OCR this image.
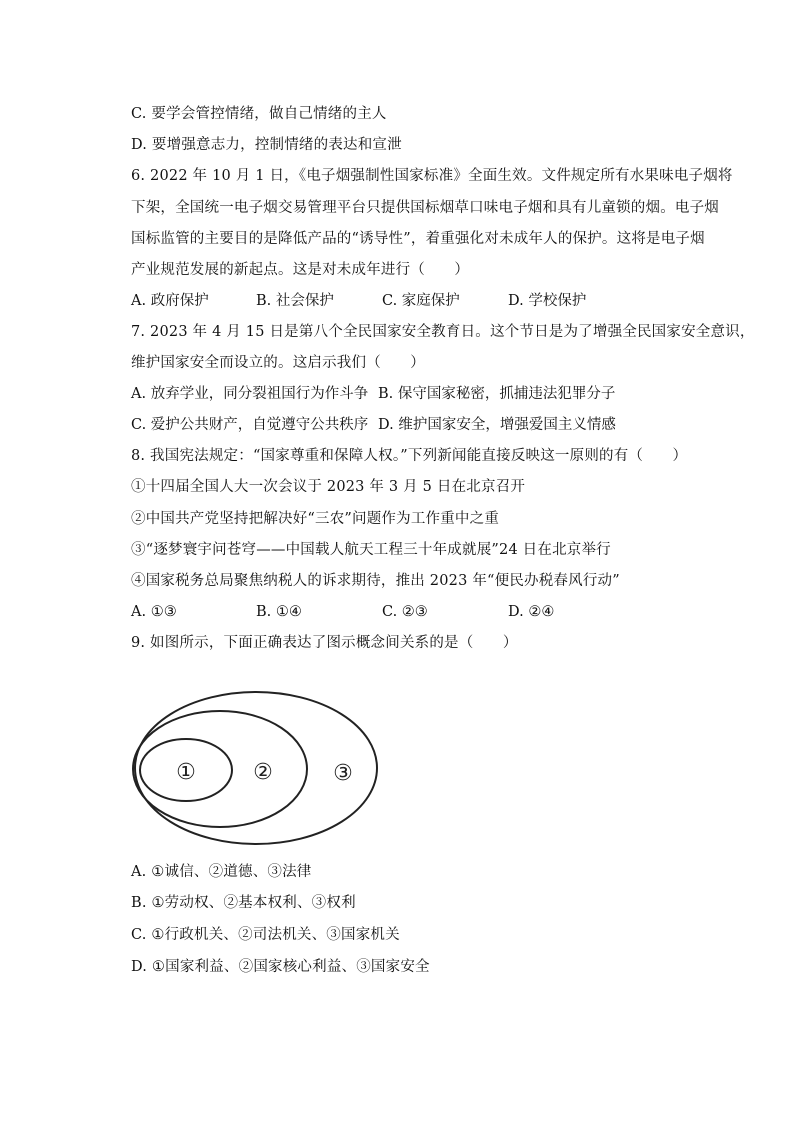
C. 要学会管控情绪，做自己情绪的主人
D. 要增强意志力，控制情绪的表达和宣泄
6. 2022 年 10 月 1 日，《电子烟强制性国家标准》全面生效。文件规定所有水果味电子烟将
下架，全国统一电子烟交易管理平台只提供国标烟草口味电子烟和具有儿童锁的烟。电子烟
国标监管的主要目的是降低产品的“诱导性”，着重强化对未成年人的保护。这将是电子烟
产业规范发展的新起点。这是对未成年进行（　　）
A. 政府保护	B. 社会保护	C. 家庭保护	D. 学校保护
7. 2023 年 4 月 15 日是第八个全民国家安全教育日。这个节日是为了增强全民国家安全意识，
维护国家安全而设立的。这启示我们（　　）
A. 放弃学业，同分裂祖国行为作斗争 B. 保守国家秘密，抓捕违法犯罪分子
C. 爱护公共财产，自觉遵守公共秩序 D. 维护国家安全，增强爱国主义情感
8. 我国宪法规定：“国家尊重和保障人权。”下列新闻能直接反映这一原则的有（　　）
①十四届全国人大一次会议于 2023 年 3 月 5 日在北京召开
②中国共产党坚持把解决好“三农”问题作为工作重中之重
③“逐梦寰宇问苍穹——中国载人航天工程三十年成就展”24 日在北京举行
④国家税务总局聚焦纳税人的诉求期待，推出 2023 年“便民办税春风行动”
A. ①③	B. ①④	C. ②③	D. ②④
9. 如图所示，下面正确表达了图示概念间关系的是（　　）
①	②	③
A. ①诚信、②道德、③法律
B. ①劳动权、②基本权利、③权利
C. ①行政机关、②司法机关、③国家机关
D. ①国家利益、②国家核心利益、③国家安全
